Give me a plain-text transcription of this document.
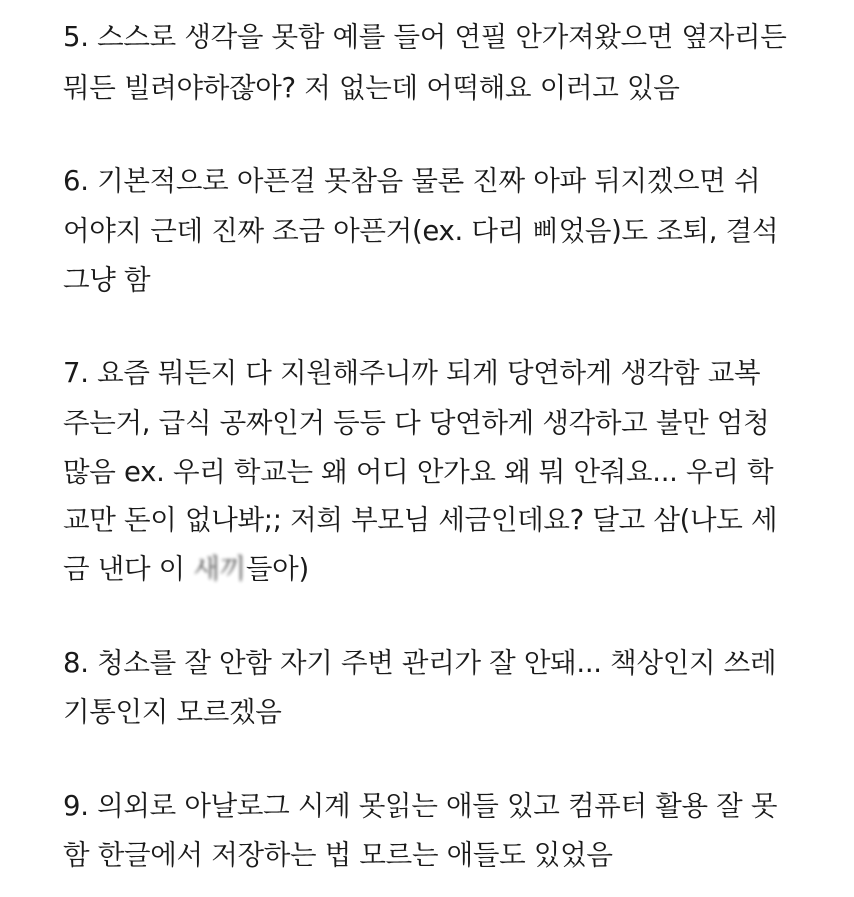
5. 스스로 생각을 못함 예를 들어 연필 안가져왔으면 옆자리든
뭐든 빌려야하잖아? 저 없는데 어떡해요 이러고 있음
6. 기본적으로 아픈걸 못참음 물론 진짜 아파 뒤지겠으면 쉬
어야지 근데 진짜 조금 아픈거(ex. 다리 삐었음)도 조퇴, 결석
그냥 함
7. 요즘 뭐든지 다 지원해주니까 되게 당연하게 생각함 교복
주는거, 급식 공짜인거 등등 다 당연하게 생각하고 불만 엄청
많음 ex. 우리 학교는 왜 어디 안가요 왜 뭐 안줘요... 우리 학
교만 돈이 없나봐;; 저희 부모님 세금인데요? 달고 삼(나도 세
금 낸다 이 새끼들아)
8. 청소를 잘 안함 자기 주변 관리가 잘 안돼... 책상인지 쓰레
기통인지 모르겠음
9. 의외로 아날로그 시계 못읽는 애들 있고 컴퓨터 활용 잘 못
함 한글에서 저장하는 법 모르는 애들도 있었음
